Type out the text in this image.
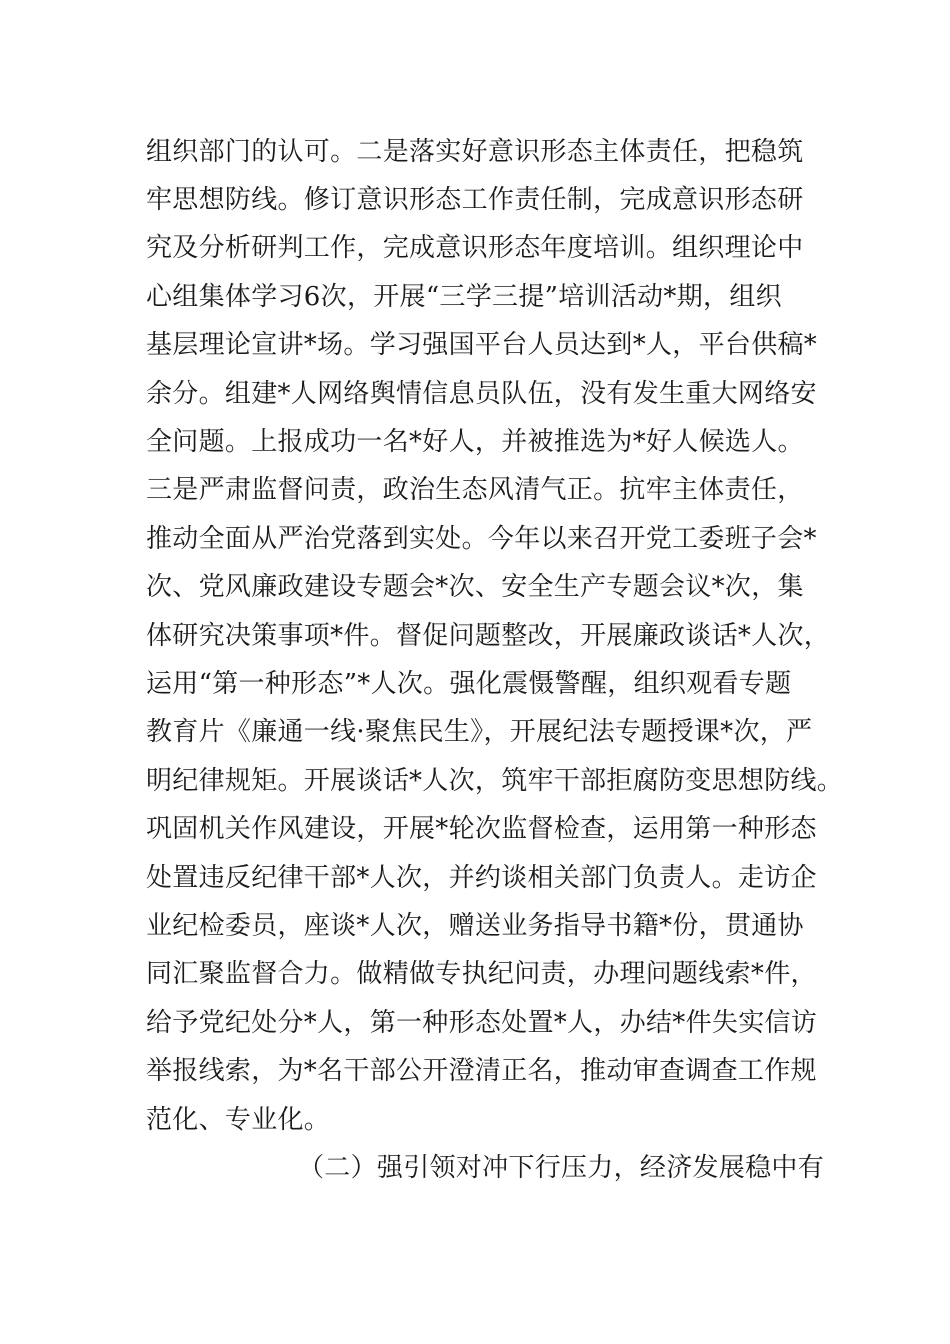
组织部门的认可。二是落实好意识形态主体责任，把稳筑
牢思想防线。修订意识形态工作责任制，完成意识形态研
究及分析研判工作，完成意识形态年度培训。组织理论中
心组集体学习6次，开展“三学三提”培训活动*期，组织
基层理论宣讲*场。学习强国平台人员达到*人，平台供稿*
余分。组建*人网络舆情信息员队伍，没有发生重大网络安
全问题。上报成功一名*好人，并被推选为*好人候选人。
三是严肃监督问责，政治生态风清气正。抗牢主体责任，
推动全面从严治党落到实处。今年以来召开党工委班子会*
次、党风廉政建设专题会*次、安全生产专题会议*次，集
体研究决策事项*件。督促问题整改，开展廉政谈话*人次，
运用“第一种形态”*人次。强化震慑警醒，组织观看专题
教育片《廉通一线·聚焦民生》，开展纪法专题授课*次，严
明纪律规矩。开展谈话*人次，筑牢干部拒腐防变思想防线。
巩固机关作风建设，开展*轮次监督检查，运用第一种形态
处置违反纪律干部*人次，并约谈相关部门负责人。走访企
业纪检委员，座谈*人次，赠送业务指导书籍*份，贯通协
同汇聚监督合力。做精做专执纪问责，办理问题线索*件，
给予党纪处分*人，第一种形态处置*人，办结*件失实信访
举报线索，为*名干部公开澄清正名，推动审查调查工作规
范化、专业化。
（二）强引领对冲下行压力，经济发展稳中有
